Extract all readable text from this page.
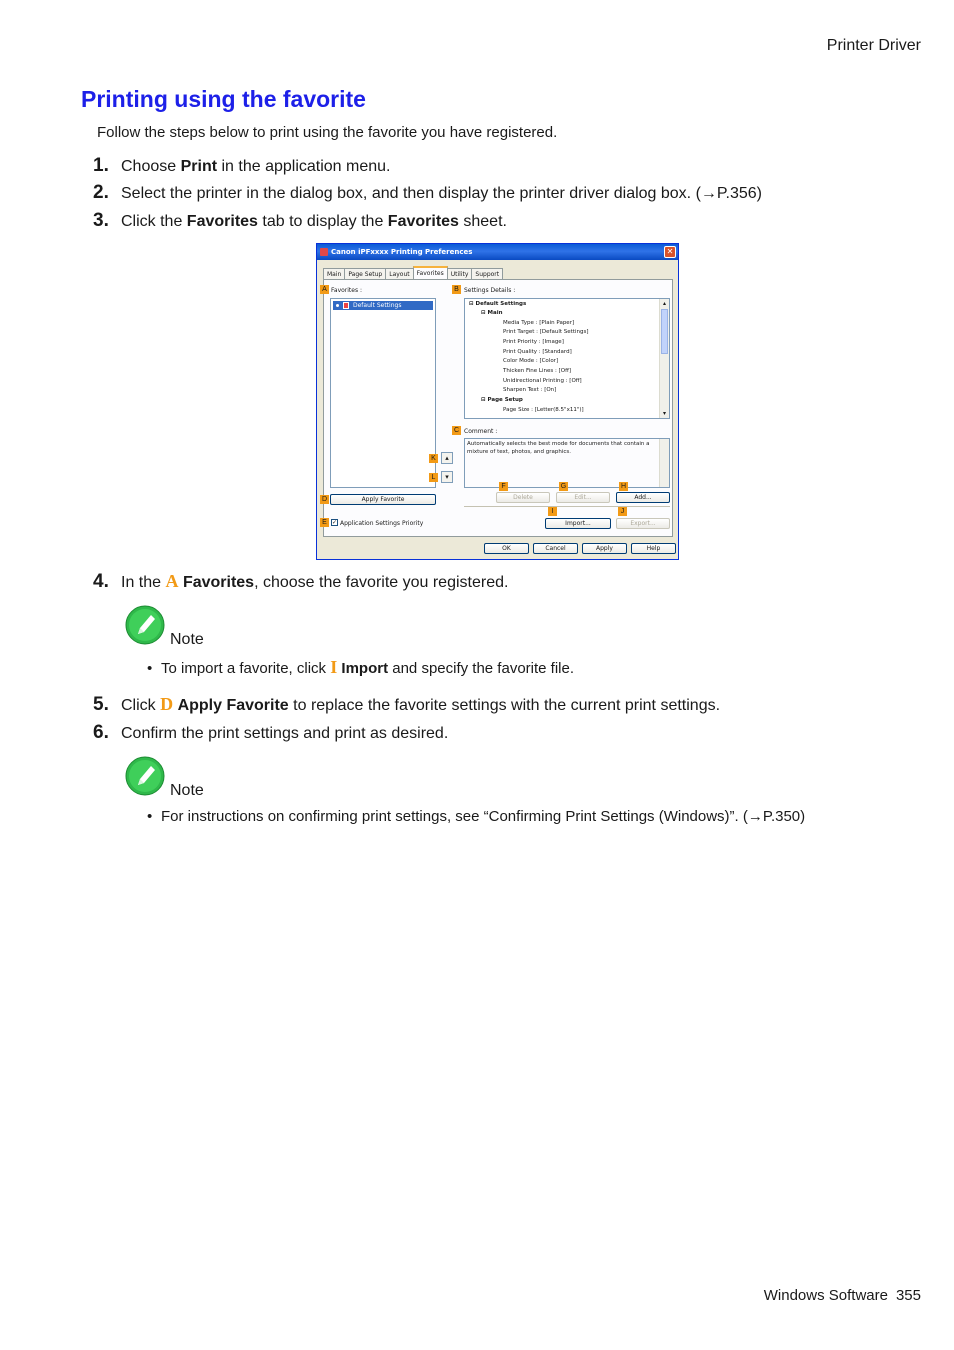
Printer Driver
Printing using the favorite
Follow the steps below to print using the favorite you have registered.
1. Choose Print in the application menu.
2. Select the printer in the dialog box, and then display the printer driver dialog box. (→P.356)
3. Click the Favorites tab to display the Favorites sheet.
Canon iPFxxxx Printing Preferences	✕
Main	Page Setup	Layout	Favorites	Utility	Support
A Favorites :
Default Settings
B Settings Details :
⊟ Default Settings
⊟ Main
Media Type : [Plain Paper]
Print Target : [Default Settings]
Print Priority : [Image]
Print Quality : [Standard]
Color Mode : [Color]
Thicken Fine Lines : [Off]
Unidirectional Printing : [Off]
Sharpen Text : [On]
⊟ Page Setup
Page Size : [Letter(8.5"x11")]
▴
▾
C Comment :
Automatically selects the best mode for documents that contain a
mixture of text, photos, and graphics.
K	▴
L	▾
D	Apply Favorite
F
Delete
G
Edit...
H
Add...
I
Import...
J
Export...
E ✓ Application Settings Priority
OK	Cancel	Apply	Help
4. In the A Favorites, choose the favorite you registered.
Note
• To import a favorite, click I Import and specify the favorite file.
5. Click D Apply Favorite to replace the favorite settings with the current print settings.
6. Confirm the print settings and print as desired.
Note
• For instructions on confirming print settings, see “Confirming Print Settings (Windows)”. (→P.350)
Windows Software 355
